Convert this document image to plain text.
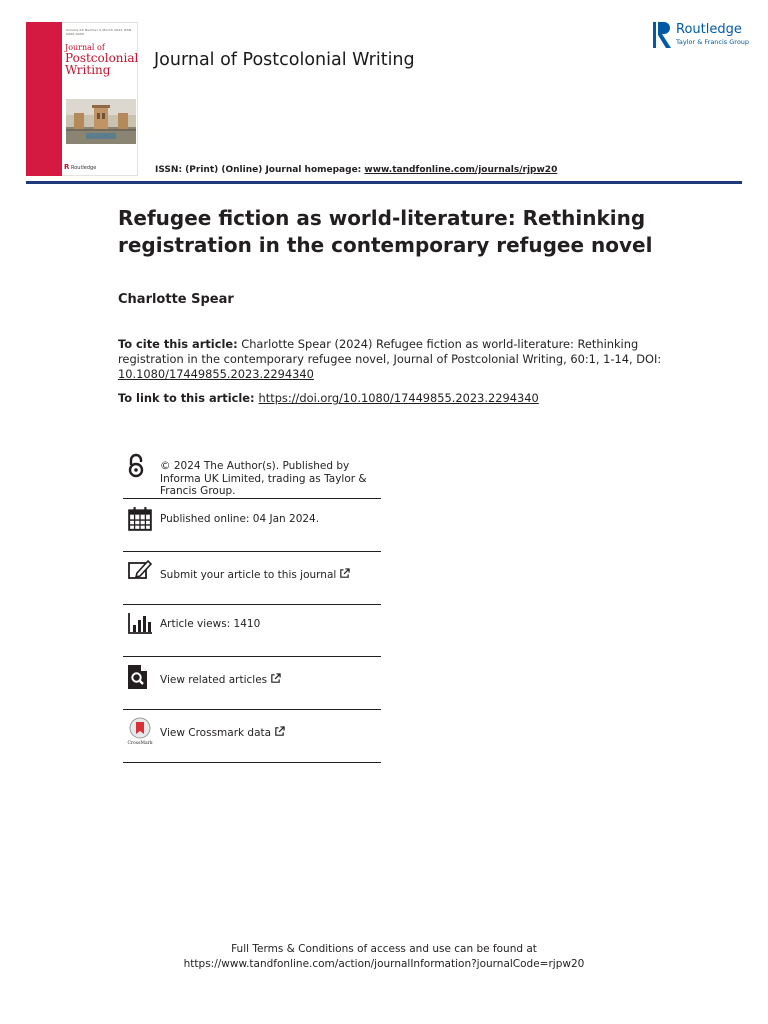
Volume 00 Number 0 Month 2024 ISSN 0000-0000
Journal of
Postcolonial
Writing
R Routledge
Journal of Postcolonial Writing
Routledge
Taylor & Francis Group
ISSN: (Print) (Online) Journal homepage: www.tandfonline.com/journals/rjpw20
Refugee fiction as world-literature: Rethinking registration in the contemporary refugee novel
Charlotte Spear
To cite this article: Charlotte Spear (2024) Refugee fiction as world-literature: Rethinking registration in the contemporary refugee novel, Journal of Postcolonial Writing, 60:1, 1-14, DOI: 10.1080/17449855.2023.2294340
To link to this article: https://doi.org/10.1080/17449855.2023.2294340
© 2024 The Author(s). Published by Informa UK Limited, trading as Taylor & Francis Group.
Published online: 04 Jan 2024.
Submit your article to this journal
Article views: 1410
View related articles
CrossMark
View Crossmark data
Full Terms & Conditions of access and use can be found at
https://www.tandfonline.com/action/journalInformation?journalCode=rjpw20
